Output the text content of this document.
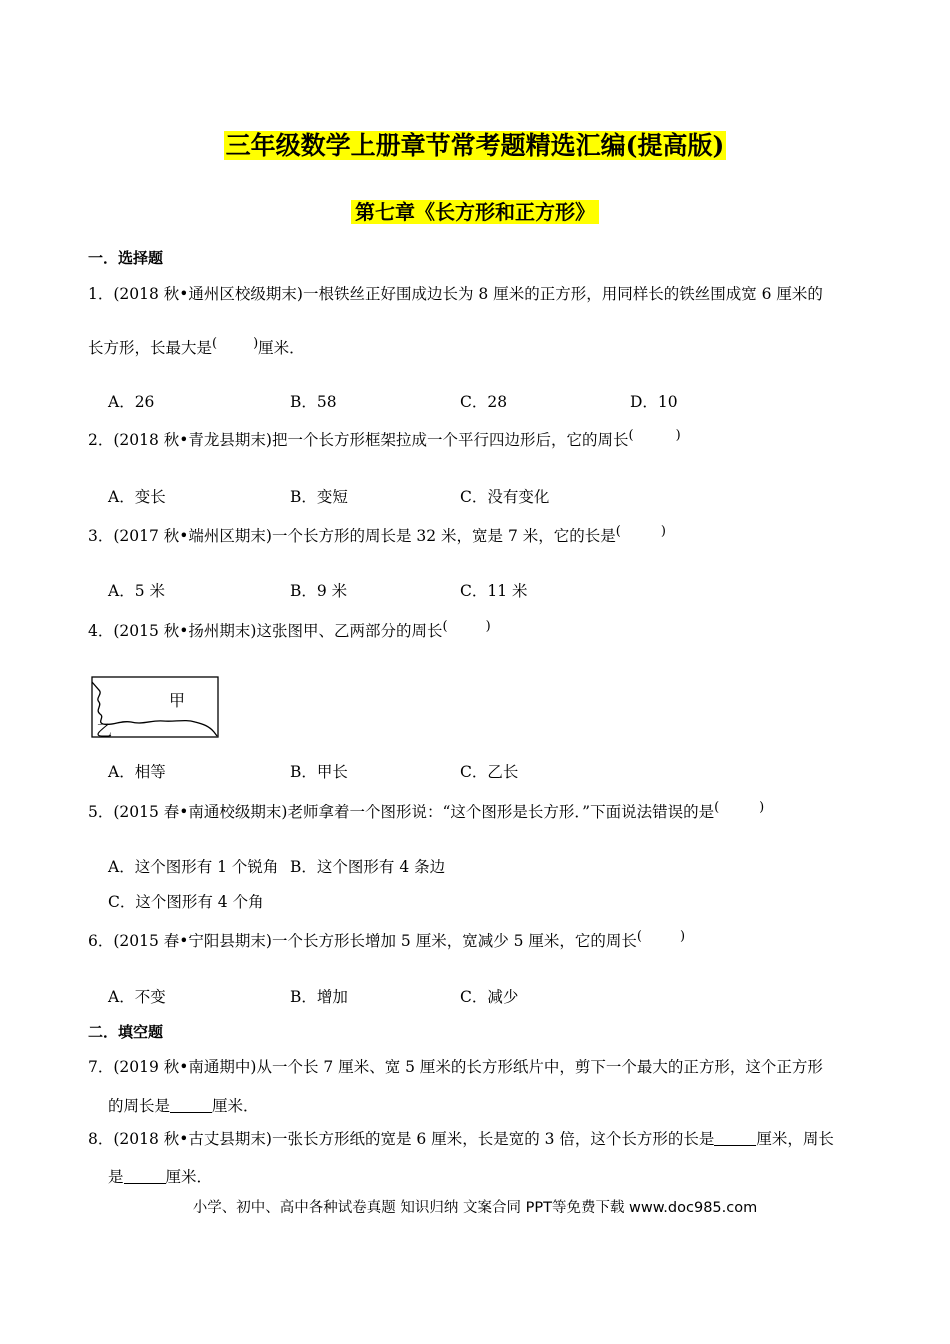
三年级数学上册章节常考题精选汇编(提高版)
第七章《长方形和正方形》
一．选择题
1．(2018 秋•通州区校级期末)一根铁丝正好围成边长为 8 厘米的正方形，用同样长的铁丝围成宽 6 厘米的
长方形，长最大是(	)厘米．
A．26	B．58	C．28	D．10
2．(2018 秋•青龙县期末)把一个长方形框架拉成一个平行四边形后，它的周长(	)
A．变长	B．变短	C．没有变化
3．(2017 秋•端州区期末)一个长方形的周长是 32 米，宽是 7 米，它的长是(	)
A．5 米	B．9 米	C．11 米
4．(2015 秋•扬州期末)这张图甲、乙两部分的周长(	)
甲
乙
A．相等	B．甲长	C．乙长
5．(2015 春•南通校级期末)老师拿着一个图形说：“这个图形是长方形．”下面说法错误的是(	)
A．这个图形有 1 个锐角 B．这个图形有 4 条边
C．这个图形有 4 个角
6．(2015 春•宁阳县期末)一个长方形长增加 5 厘米，宽减少 5 厘米，它的周长(	)
A．不变	B．增加	C．减少
二．填空题
7．(2019 秋•南通期中)从一个长 7 厘米、宽 5 厘米的长方形纸片中，剪下一个最大的正方形，这个正方形
的周长是	厘米．
8．(2018 秋•古丈县期末)一张长方形纸的宽是 6 厘米，长是宽的 3 倍，这个长方形的长是	厘米，周长
是	厘米．
小学、初中、高中各种试卷真题 知识归纳 文案合同 PPT等免费下载 www.doc985.com
